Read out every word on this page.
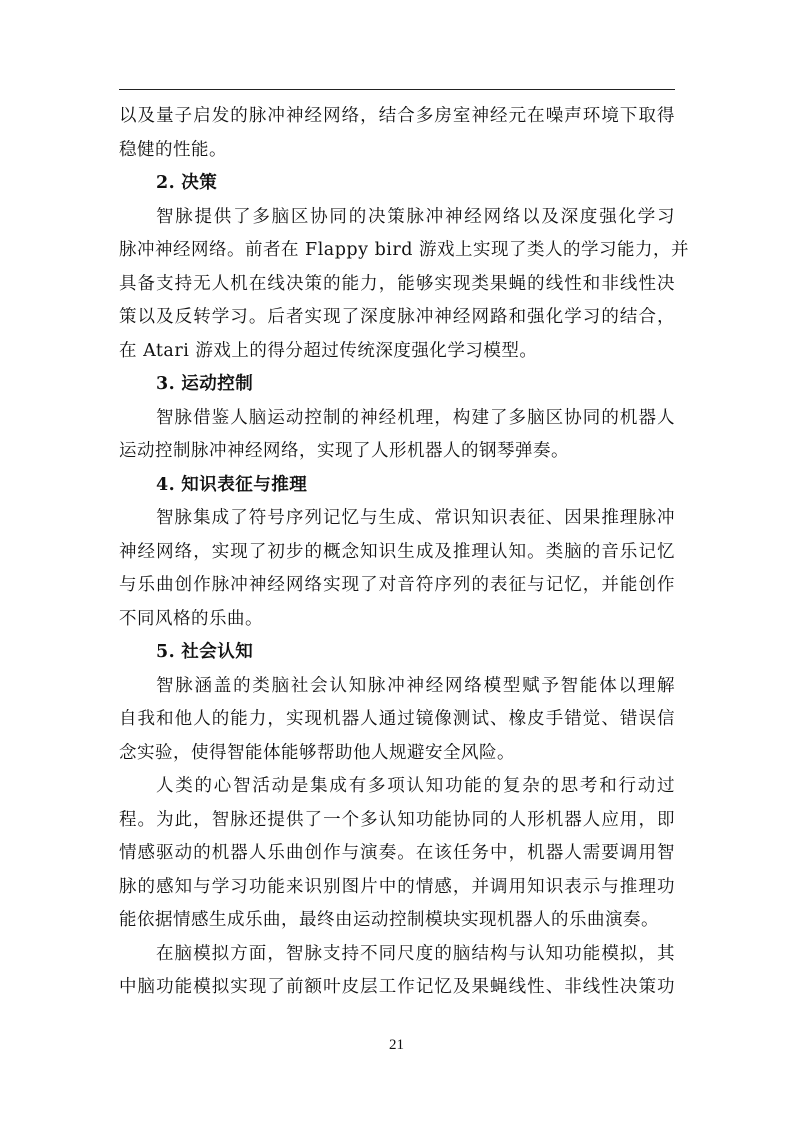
以及量子启发的脉冲神经网络，结合多房室神经元在噪声环境下取得
稳健的性能。
2. 决策
智脉提供了多脑区协同的决策脉冲神经网络以及深度强化学习
脉冲神经网络。前者在 Flappy bird 游戏上实现了类人的学习能力，并
具备支持无人机在线决策的能力，能够实现类果蝇的线性和非线性决
策以及反转学习。后者实现了深度脉冲神经网路和强化学习的结合，
在 Atari 游戏上的得分超过传统深度强化学习模型。
3. 运动控制
智脉借鉴人脑运动控制的神经机理，构建了多脑区协同的机器人
运动控制脉冲神经网络，实现了人形机器人的钢琴弹奏。
4. 知识表征与推理
智脉集成了符号序列记忆与生成、常识知识表征、因果推理脉冲
神经网络，实现了初步的概念知识生成及推理认知。类脑的音乐记忆
与乐曲创作脉冲神经网络实现了对音符序列的表征与记忆，并能创作
不同风格的乐曲。
5. 社会认知
智脉涵盖的类脑社会认知脉冲神经网络模型赋予智能体以理解
自我和他人的能力，实现机器人通过镜像测试、橡皮手错觉、错误信
念实验，使得智能体能够帮助他人规避安全风险。
人类的心智活动是集成有多项认知功能的复杂的思考和行动过
程。为此，智脉还提供了一个多认知功能协同的人形机器人应用，即
情感驱动的机器人乐曲创作与演奏。在该任务中，机器人需要调用智
脉的感知与学习功能来识别图片中的情感，并调用知识表示与推理功
能依据情感生成乐曲，最终由运动控制模块实现机器人的乐曲演奏。
在脑模拟方面，智脉支持不同尺度的脑结构与认知功能模拟，其
中脑功能模拟实现了前额叶皮层工作记忆及果蝇线性、非线性决策功
21
